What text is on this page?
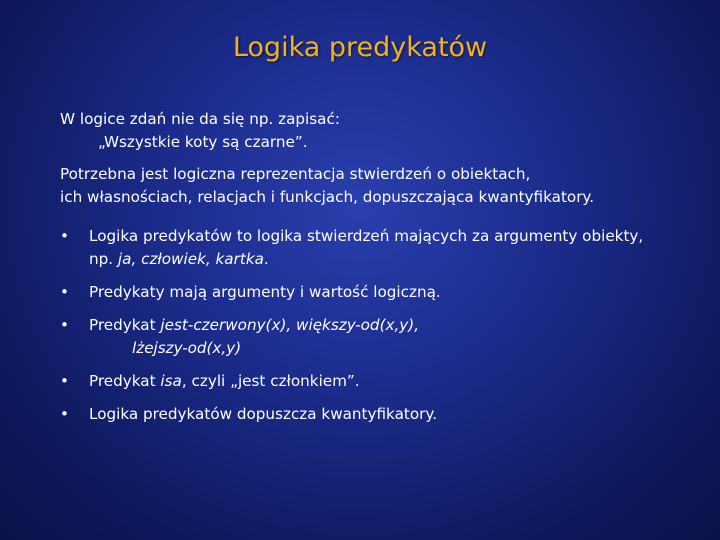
Logika predykatów

W logice zdań nie da się np. zapisać:
„Wszystkie koty są czarne”.

Potrzebna jest logiczna reprezentacja stwierdzeń o obiektach,
ich własnościach, relacjach i funkcjach, dopuszczająca kwantyfikatory.

• Logika predykatów to logika stwierdzeń mających za argumenty obiekty,
np. ja, człowiek, kartka.
• Predykaty mają argumenty i wartość logiczną.
• Predykat jest-czerwony(x), większy-od(x,y),
lżejszy-od(x,y)
• Predykat isa, czyli „jest członkiem”.
• Logika predykatów dopuszcza kwantyfikatory.
